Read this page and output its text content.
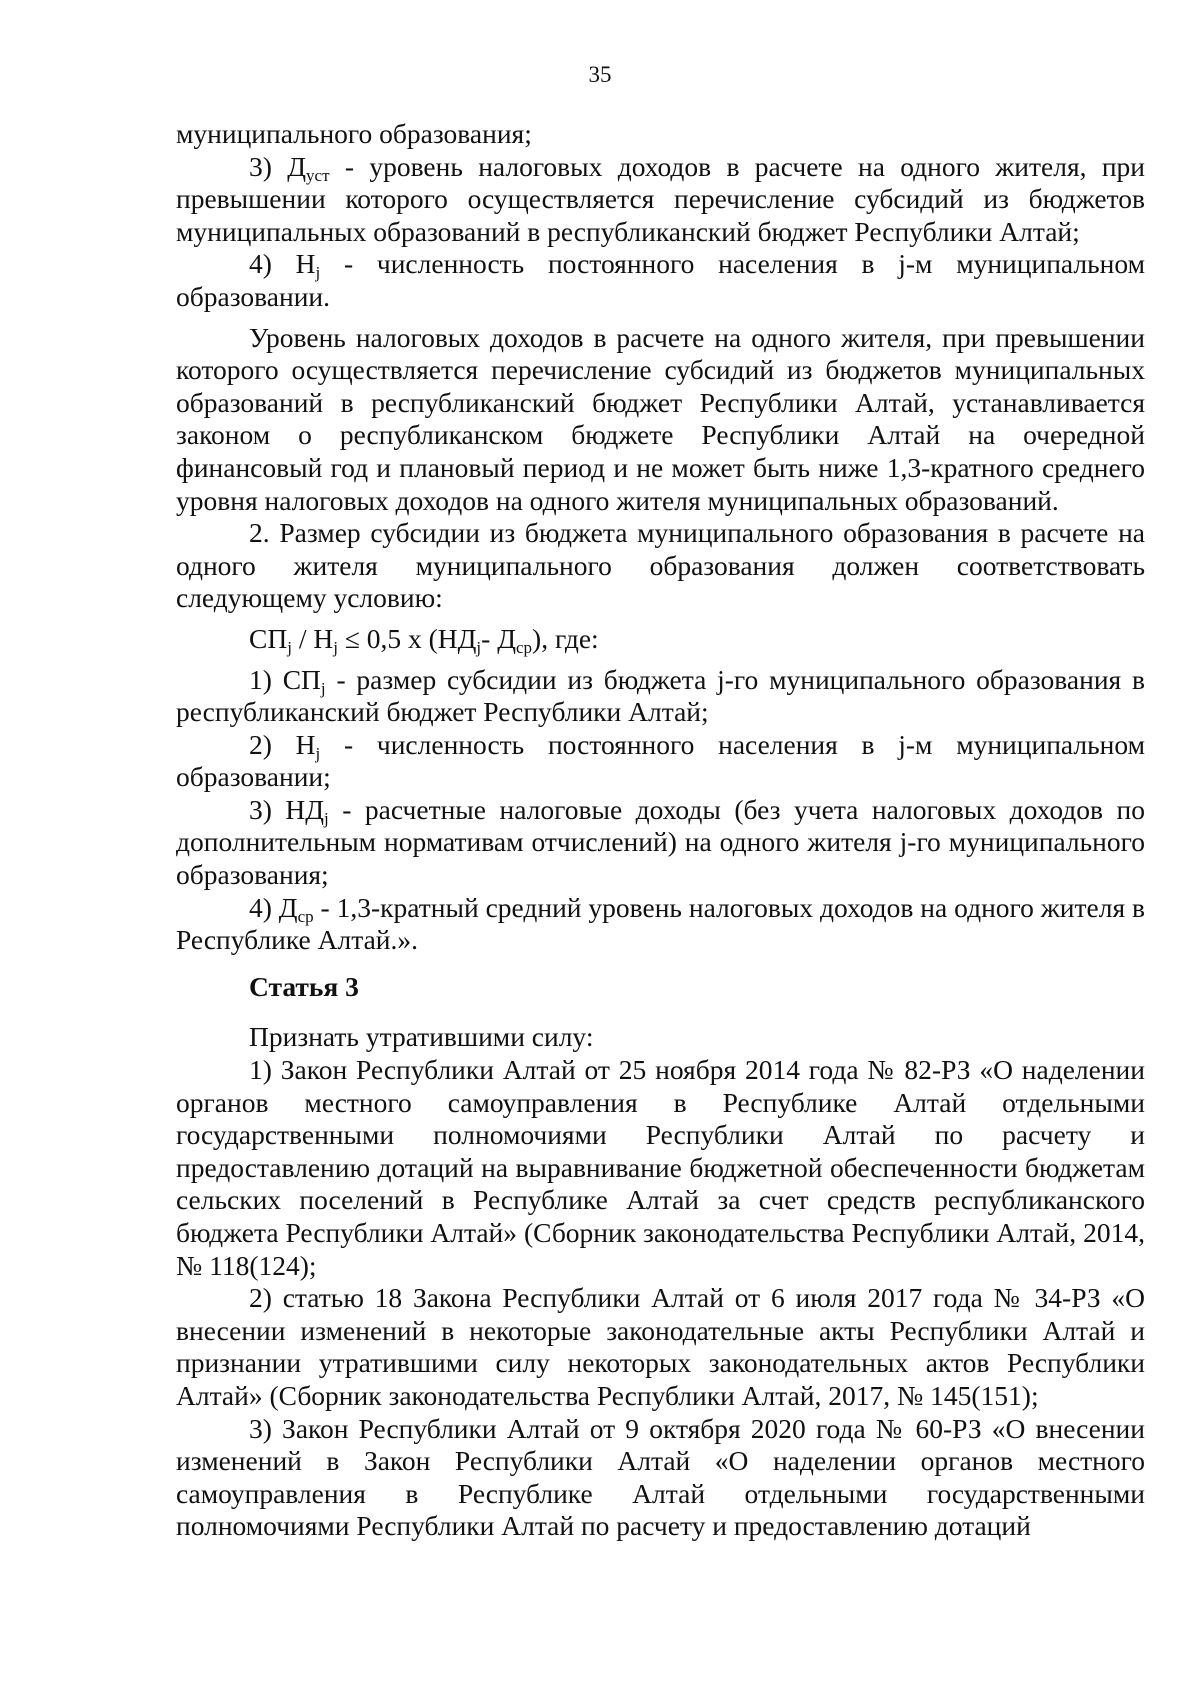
35

муниципального образования;

3) $Д_{уст}$ - уровень налоговых доходов в расчете на одного жителя, при превышении которого осуществляется перечисление субсидий из бюджетов муниципальных образований в республиканский бюджет Республики Алтай;

4) $Н_j$ - численность постоянного населения в j-м муниципальном образовании.

Уровень налоговых доходов в расчете на одного жителя, при превышении которого осуществляется перечисление субсидий из бюджетов муниципальных образований в республиканский бюджет Республики Алтай, устанавливается законом о республиканском бюджете Республики Алтай на очередной финансовый год и плановый период и не может быть ниже 1,3-кратного среднего уровня налоговых доходов на одного жителя муниципальных образований.

2. Размер субсидии из бюджета муниципального образования в расчете на одного жителя муниципального образования должен соответствовать следующему условию:

$СП_j / Н_j \le 0,5$ х ($НД_j-$ $Д_{ср}$), где:

1) $СП_j$ - размер субсидии из бюджета j-го муниципального образования в республиканский бюджет Республики Алтай;

2) $Н_j$ - численность постоянного населения в j-м муниципальном образовании;

3) $НД_j$ - расчетные налоговые доходы (без учета налоговых доходов по дополнительным нормативам отчислений) на одного жителя j-го муниципального образования;

4) $Д_{ср}$ - 1,3-кратный средний уровень налоговых доходов на одного жителя в Республике Алтай.».

Статья 3

Признать утратившими силу:

1) Закон Республики Алтай от 25 ноября 2014 года № 82-РЗ «О наделении органов местного самоуправления в Республике Алтай отдельными государственными полномочиями Республики Алтай по расчету и предоставлению дотаций на выравнивание бюджетной обеспеченности бюджетам сельских поселений в Республике Алтай за счет средств республиканского бюджета Республики Алтай» (Сборник законодательства Республики Алтай, 2014, № 118(124);

2) статью 18 Закона Республики Алтай от 6 июля 2017 года № 34-РЗ «О внесении изменений в некоторые законодательные акты Республики Алтай и признании утратившими силу некоторых законодательных актов Республики Алтай» (Сборник законодательства Республики Алтай, 2017, № 145(151);

3) Закон Республики Алтай от 9 октября 2020 года № 60-РЗ «О внесении изменений в Закон Республики Алтай «О наделении органов местного самоуправления в Республике Алтай отдельными государственными полномочиями Республики Алтай по расчету и предоставлению дотаций
